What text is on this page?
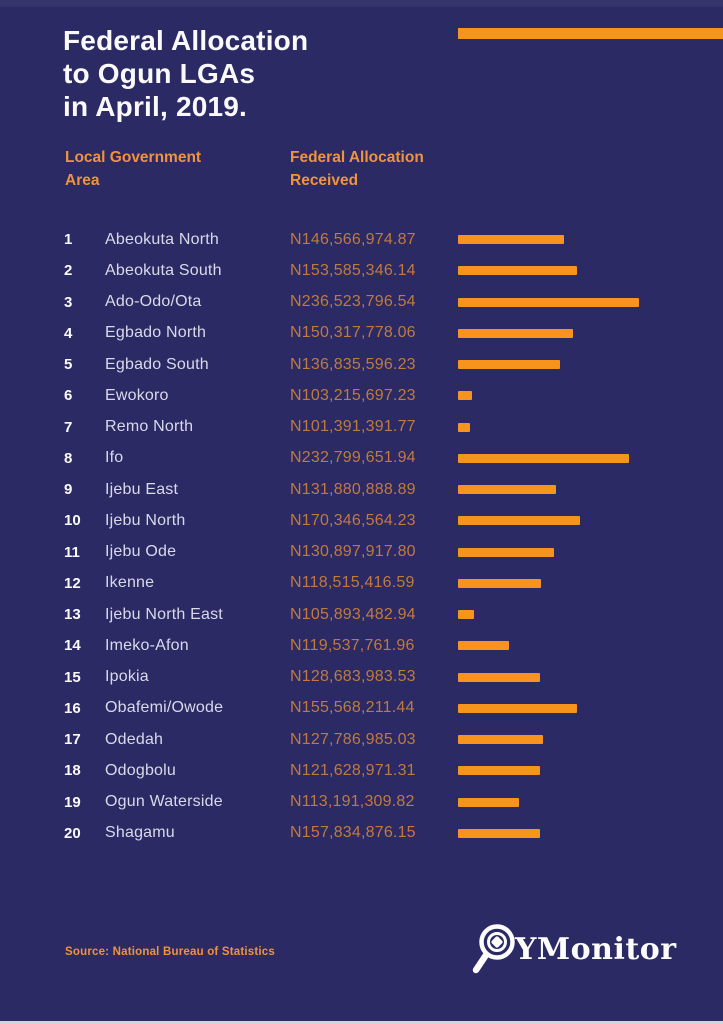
Federal Allocation
to Ogun LGAs
in April, 2019.
Local Government
Area
Federal Allocation
Received
1	Abeokuta North	N146,566,974.87
2	Abeokuta South	N153,585,346.14
3	Ado-Odo/Ota	N236,523,796.54
4	Egbado North	N150,317,778.06
5	Egbado South	N136,835,596.23
6	Ewokoro	N103,215,697.23
7	Remo North	N101,391,391.77
8	Ifo	N232,799,651.94
9	Ijebu East	N131,880,888.89
10	Ijebu North	N170,346,564.23
11	Ijebu Ode	N130,897,917.80
12	Ikenne	N118,515,416.59
13	Ijebu North East	N105,893,482.94
14	Imeko-Afon	N119,537,761.96
15	Ipokia	N128,683,983.53
16	Obafemi/Owode	N155,568,211.44
17	Odedah	N127,786,985.03
18	Odogbolu	N121,628,971.31
19	Ogun Waterside	N113,191,309.82
20	Shagamu	N157,834,876.15
Source: National Bureau of Statistics	YMonitor
